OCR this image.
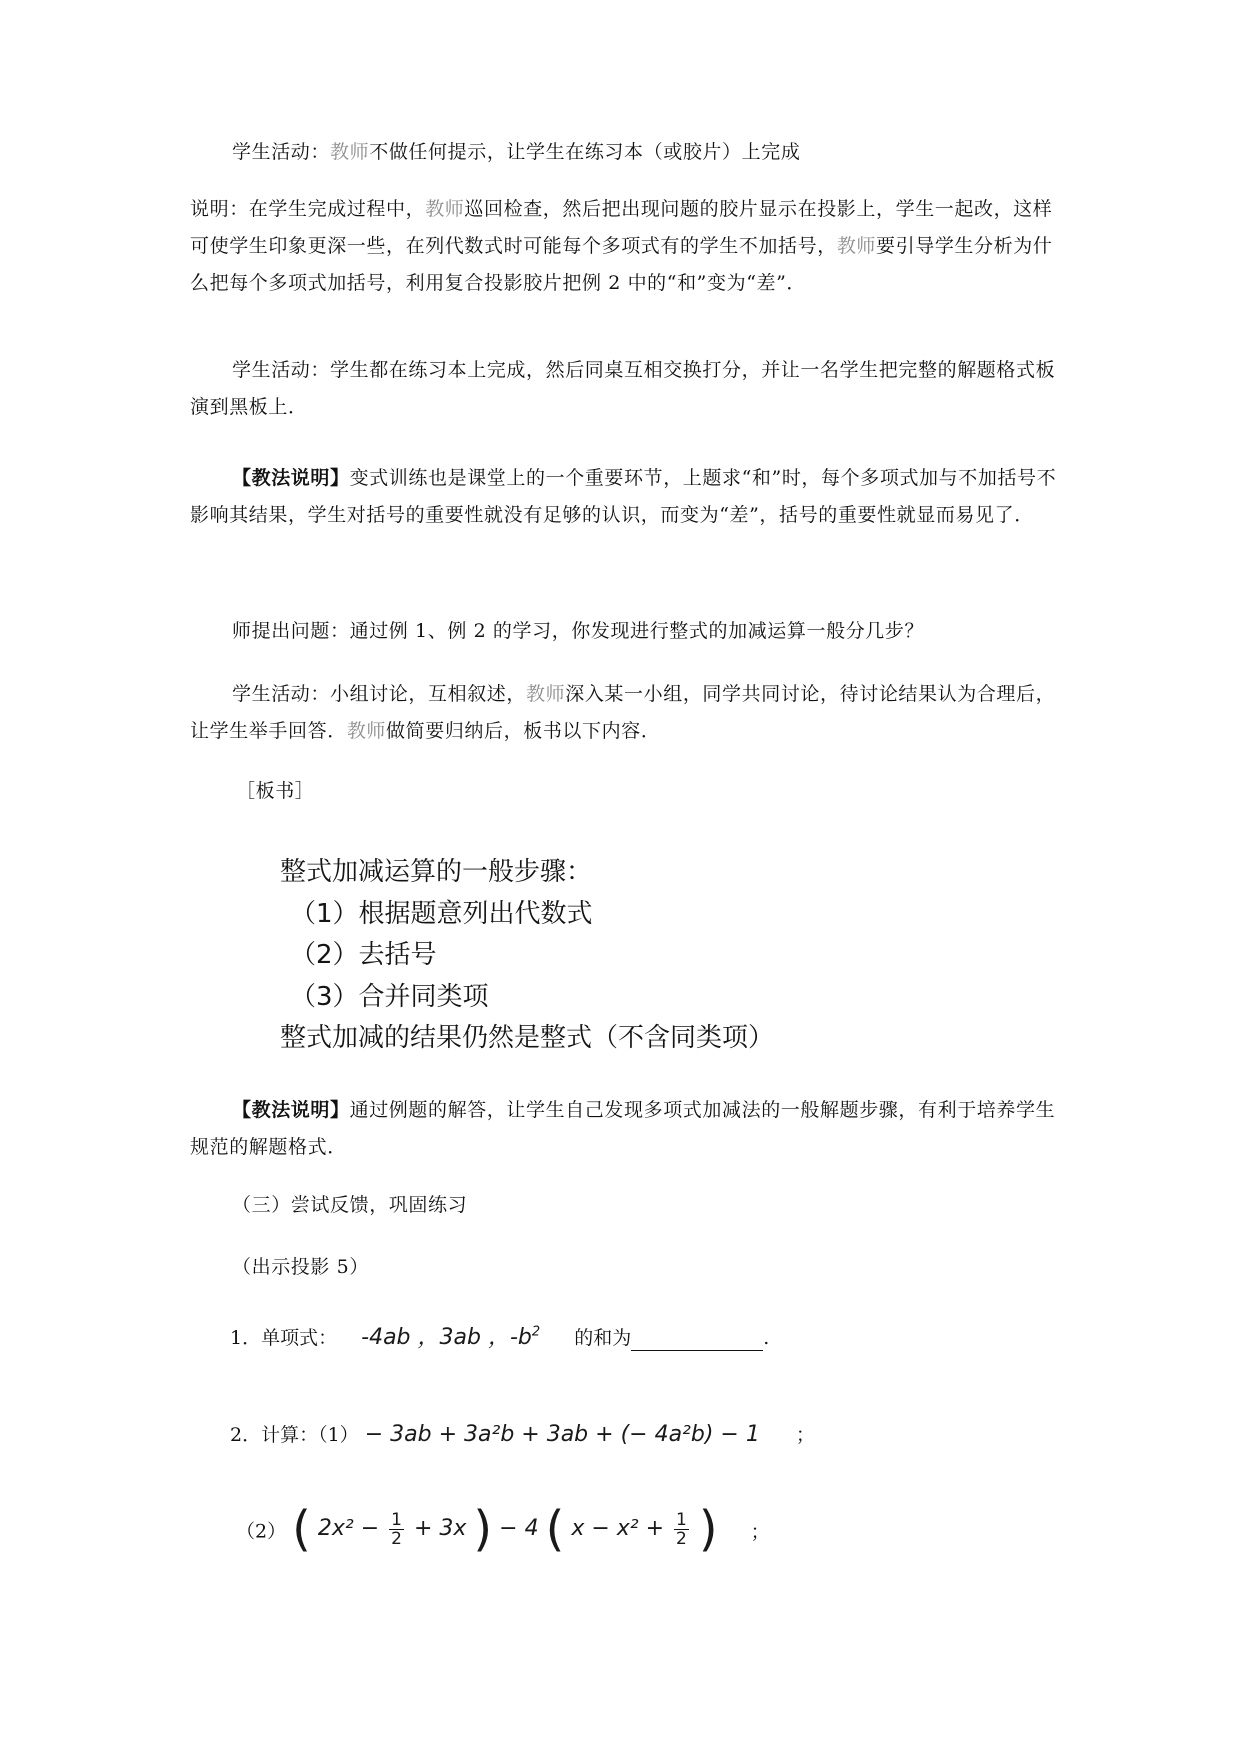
学生活动：教师不做任何提示，让学生在练习本（或胶片）上完成
说明：在学生完成过程中，教师巡回检查，然后把出现问题的胶片显示在投影上，学生一起改，这样可使学生印象更深一些，在列代数式时可能每个多项式有的学生不加括号，教师要引导学生分析为什么把每个多项式加括号，利用复合投影胶片把例 2 中的“和”变为“差”．
学生活动：学生都在练习本上完成，然后同桌互相交换打分，并让一名学生把完整的解题格式板演到黑板上．
【教法说明】变式训练也是课堂上的一个重要环节，上题求“和”时，每个多项式加与不加括号不影响其结果，学生对括号的重要性就没有足够的认识，而变为“差”，括号的重要性就显而易见了．
师提出问题：通过例 1、例 2 的学习，你发现进行整式的加减运算一般分几步？
学生活动：小组讨论，互相叙述，教师深入某一小组，同学共同讨论，待讨论结果认为合理后，让学生举手回答．教师做简要归纳后，板书以下内容．
［板书］
整式加减运算的一般步骤：
（1）根据题意列出代数式
（2）去括号
（3）合并同类项
整式加减的结果仍然是整式（不含同类项）
【教法说明】通过例题的解答，让学生自己发现多项式加减法的一般解题步骤，有利于培养学生规范的解题格式．
（三）尝试反馈，巩固练习
（出示投影 5）
1．单项式： -4ab ，3ab ，$-b^2$ 的和为	.
2．计算：（1） − 3ab + 3a²b + 3ab + (− 4a²b) − 1 ；
（2） ( $2x^2 - \frac{1}{2} + 3x$ ) − 4 ( $x - x^2 + \frac{1}{2}$ ) ；
